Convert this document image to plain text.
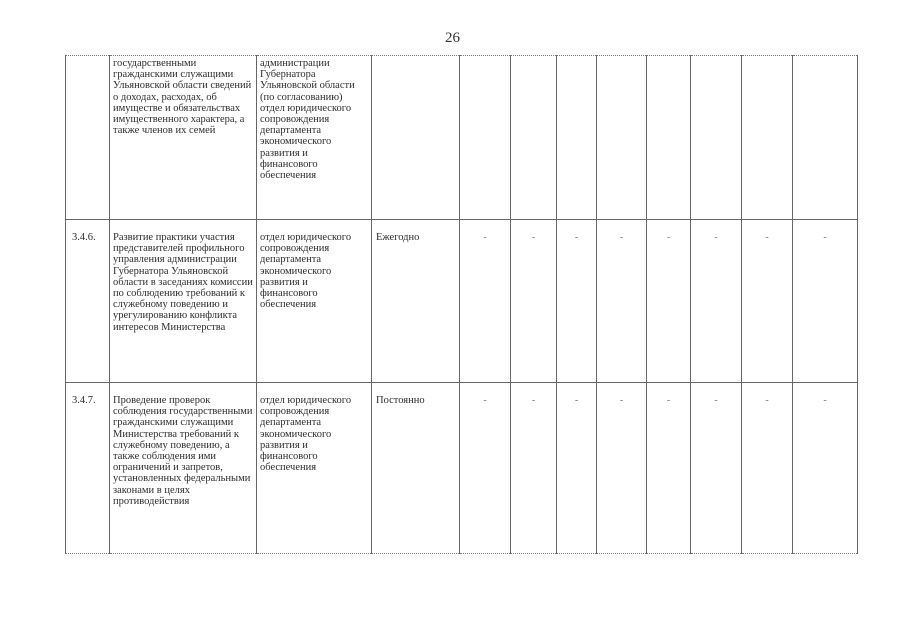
26
	государственными гражданскими служащими Ульяновской области сведений о доходах, расходах, об имуществе и обязательствах имущественного характера, а также членов их семей	администрации Губернатора Ульяновской области (по согласованию) отдел юридического сопровождения департамента экономического развития и финансового обеспечения									
3.4.6.	Развитие практики участия представителей профильного управления администрации Губернатора Ульяновской области в заседаниях комиссии по соблюдению требований к служебному поведению и урегулированию конфликта интересов Министерства	отдел юридического сопровождения департамента экономического развития и финансового обеспечения	Ежегодно	-	-	-	-	-	-	-	-
3.4.7.	Проведение проверок соблюдения государственными гражданскими служащими Министерства требований к служебному поведению, а также соблюдения ими ограничений и запретов, установленных федеральными законами в целях противодействия	отдел юридического сопровождения департамента экономического развития и финансового обеспечения	Постоянно	-	-	-	-	-	-	-	-
